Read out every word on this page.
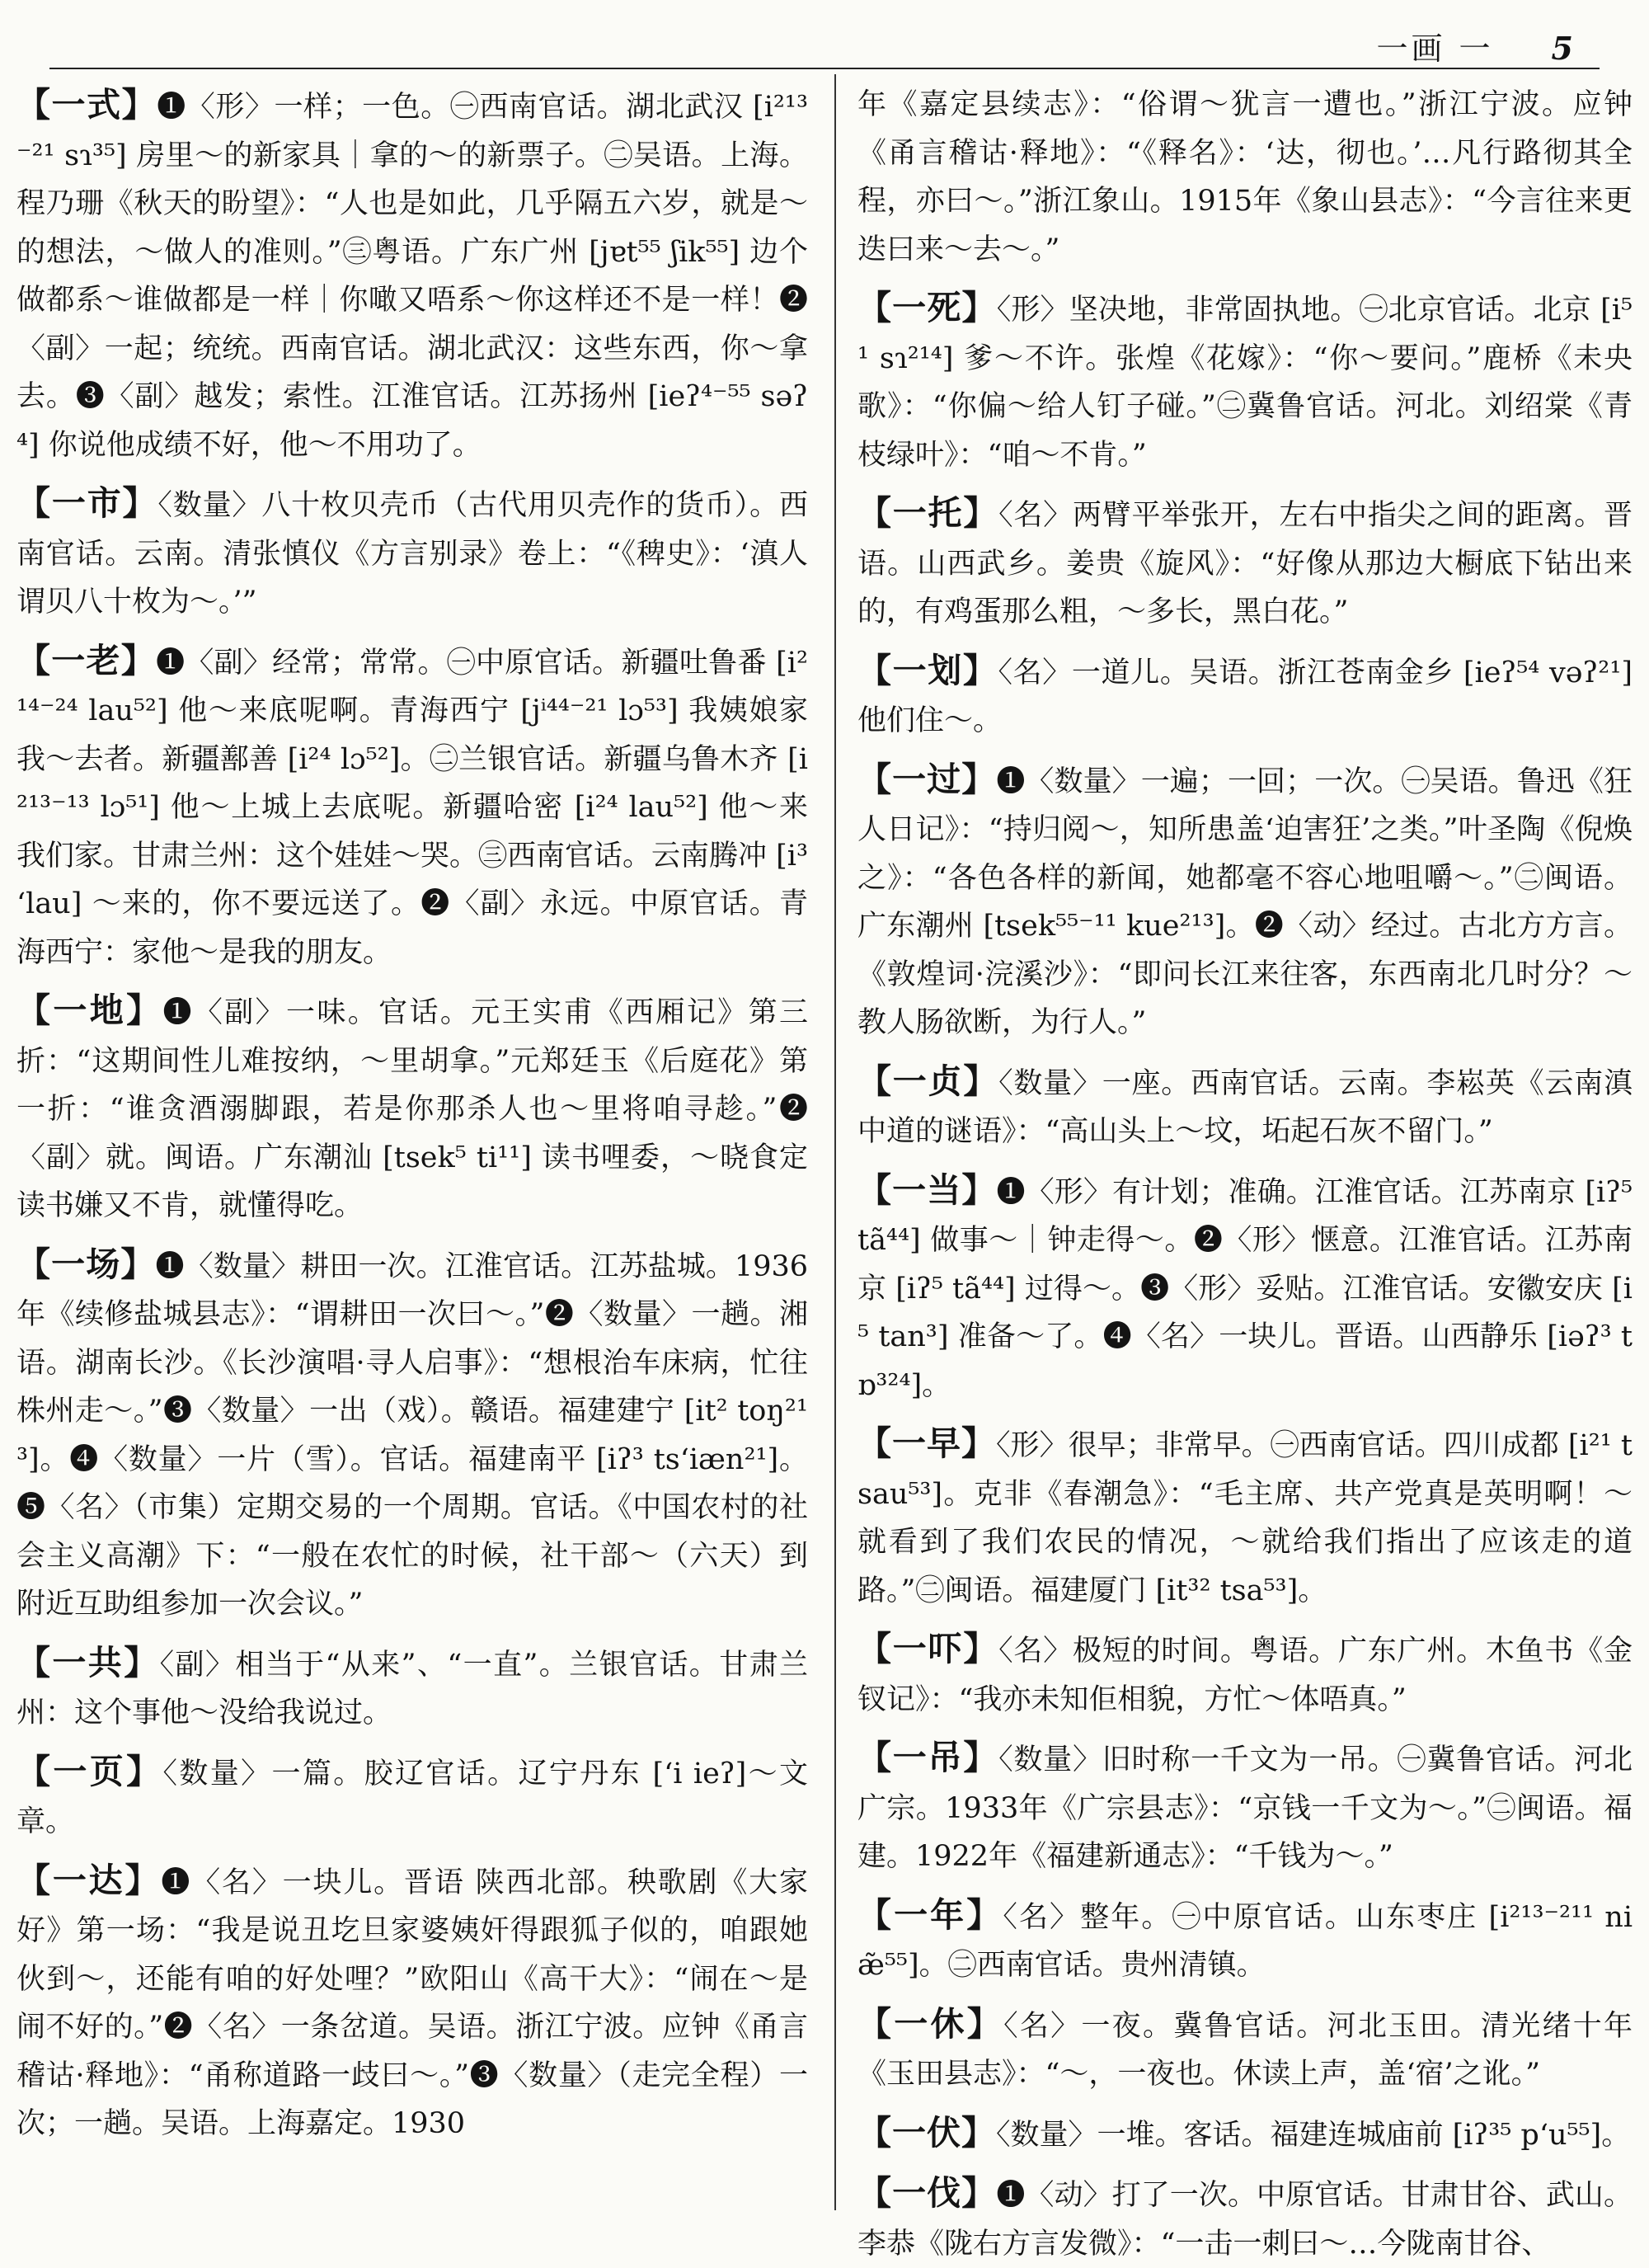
一画 一 5

【一式】❶〈形〉一样；一色。㊀西南官话。湖北武汉 [i²¹³⁻²¹ sɿ³⁵] 房里～的新家具｜拿的～的新票子。㊁吴语。上海。程乃珊《秋天的盼望》：“人也是如此，几乎隔五六岁，就是～的想法，～做人的准则。”㊂粤语。广东广州 [jɐt⁵⁵ ʃik⁵⁵] 边个做都系～谁做都是一样｜你噉又唔系～你这样还不是一样！❷〈副〉一起；统统。西南官话。湖北武汉：这些东西，你～拿去。❸〈副〉越发；索性。江淮官话。江苏扬州 [ieʔ⁴⁻⁵⁵ səʔ⁴] 你说他成绩不好，他～不用功了。

【一市】〈数量〉八十枚贝壳币（古代用贝壳作的货币）。西南官话。云南。清张慎仪《方言别录》卷上：“《稗史》：‘滇人谓贝八十枚为～。’”

【一老】❶〈副〉经常；常常。㊀中原官话。新疆吐鲁番 [i²¹⁴⁻²⁴ lau⁵²] 他～来底呢啊。青海西宁 [jⁱ⁴⁴⁻²¹ lɔ⁵³] 我姨娘家我～去者。新疆鄯善 [i²⁴ lɔ⁵²]。㊁兰银官话。新疆乌鲁木齐 [i²¹³⁻¹³ lɔ⁵¹] 他～上城上去底呢。新疆哈密 [i²⁴ lau⁵²] 他～来我们家。甘肃兰州：这个娃娃～哭。㊂西南官话。云南腾冲 [i³ ʻlau] ～来的，你不要远送了。❷〈副〉永远。中原官话。青海西宁：家他～是我的朋友。

【一地】❶〈副〉一味。官话。元王实甫《西厢记》第三折：“这期间性儿难按纳，～里胡拿。”元郑廷玉《后庭花》第一折：“谁贪酒溺脚跟，若是你那杀人也～里将咱寻趁。”❷〈副〉就。闽语。广东潮汕 [tsek⁵ ti¹¹] 读书哩委，～晓食定读书嫌又不肯，就懂得吃。

【一场】❶〈数量〉耕田一次。江淮官话。江苏盐城。1936年《续修盐城县志》：“谓耕田一次曰～。”❷〈数量〉一趟。湘语。湖南长沙。《长沙演唱·寻人启事》：“想根治车床病，忙往株州走～。”❸〈数量〉一出（戏）。赣语。福建建宁 [it² toŋ²¹³]。❹〈数量〉一片（雪）。官话。福建南平 [iʔ³ tsʻiæn²¹]。❺〈名〉（市集）定期交易的一个周期。官话。《中国农村的社会主义高潮》下：“一般在农忙的时候，社干部～（六天）到附近互助组参加一次会议。”

【一共】〈副〉相当于“从来”、“一直”。兰银官话。甘肃兰州：这个事他～没给我说过。

【一页】〈数量〉一篇。胶辽官话。辽宁丹东 [ʻi ieʔ]～文章。

【一达】❶〈名〉一块儿。晋语 陕西北部。秧歌剧《大家好》第一场：“我是说丑圪旦家婆姨奸得跟狐子似的，咱跟她伙到～，还能有咱的好处哩？”欧阳山《高干大》：“闹在～是闹不好的。”❷〈名〉一条岔道。吴语。浙江宁波。应钟《甬言稽诂·释地》：“甬称道路一歧曰～。”❸〈数量〉（走完全程）一次；一趟。吴语。上海嘉定。1930

年《嘉定县续志》：“俗谓～犹言一遭也。”浙江宁波。应钟《甬言稽诂·释地》：“《释名》：‘达，彻也。’…凡行路彻其全程，亦曰～。”浙江象山。1915年《象山县志》：“今言往来更迭曰来～去～。”

【一死】〈形〉坚决地，非常固执地。㊀北京官话。北京 [i⁵¹ sɿ²¹⁴] 爹～不许。张煌《花嫁》：“你～要问。”鹿桥《未央歌》：“你偏～给人钉子碰。”㊁冀鲁官话。河北。刘绍棠《青枝绿叶》：“咱～不肯。”

【一托】〈名〉两臂平举张开，左右中指尖之间的距离。晋语。山西武乡。姜贵《旋风》：“好像从那边大橱底下钻出来的，有鸡蛋那么粗，～多长，黑白花。”

【一划】〈名〉一道儿。吴语。浙江苍南金乡 [ieʔ⁵⁴ vəʔ²¹] 他们住～。

【一过】❶〈数量〉一遍；一回；一次。㊀吴语。鲁迅《狂人日记》：“持归阅～，知所患盖‘迫害狂’之类。”叶圣陶《倪焕之》：“各色各样的新闻，她都毫不容心地咀嚼～。”㊁闽语。广东潮州 [tsek⁵⁵⁻¹¹ kue²¹³]。❷〈动〉经过。古北方方言。《敦煌词·浣溪沙》：“即问长江来往客，东西南北几时分？～教人肠欲断，为行人。”

【一贞】〈数量〉一座。西南官话。云南。李崧英《云南滇中道的谜语》：“高山头上～坟，坧起石灰不留门。”

【一当】❶〈形〉有计划；准确。江淮官话。江苏南京 [iʔ⁵ tã⁴⁴] 做事～｜钟走得～。❷〈形〉惬意。江淮官话。江苏南京 [iʔ⁵ tã⁴⁴] 过得～。❸〈形〉妥贴。江淮官话。安徽安庆 [i⁵ tan³] 准备～了。❹〈名〉一块儿。晋语。山西静乐 [iəʔ³ tɒ³²⁴]。

【一早】〈形〉很早；非常早。㊀西南官话。四川成都 [i²¹ tsau⁵³]。克非《春潮急》：“毛主席、共产党真是英明啊！～就看到了我们农民的情况，～就给我们指出了应该走的道路。”㊁闽语。福建厦门 [it³² tsa⁵³]。

【一吓】〈名〉极短的时间。粤语。广东广州。木鱼书《金钗记》：“我亦未知佢相貌，方忙～体唔真。”

【一吊】〈数量〉旧时称一千文为一吊。㊀冀鲁官话。河北广宗。1933年《广宗县志》：“京钱一千文为～。”㊁闽语。福建。1922年《福建新通志》：“千钱为～。”

【一年】〈名〉整年。㊀中原官话。山东枣庄 [i²¹³⁻²¹¹ niæ̃⁵⁵]。㊁西南官话。贵州清镇。

【一休】〈名〉一夜。冀鲁官话。河北玉田。清光绪十年《玉田县志》：“～，一夜也。休读上声，盖‘宿’之讹。”

【一伏】〈数量〉一堆。客话。福建连城庙前 [iʔ³⁵ pʻu⁵⁵]。

【一伐】❶〈动〉打了一次。中原官话。甘肃甘谷、武山。李恭《陇右方言发微》：“一击一刺曰～…今陇南甘谷、
